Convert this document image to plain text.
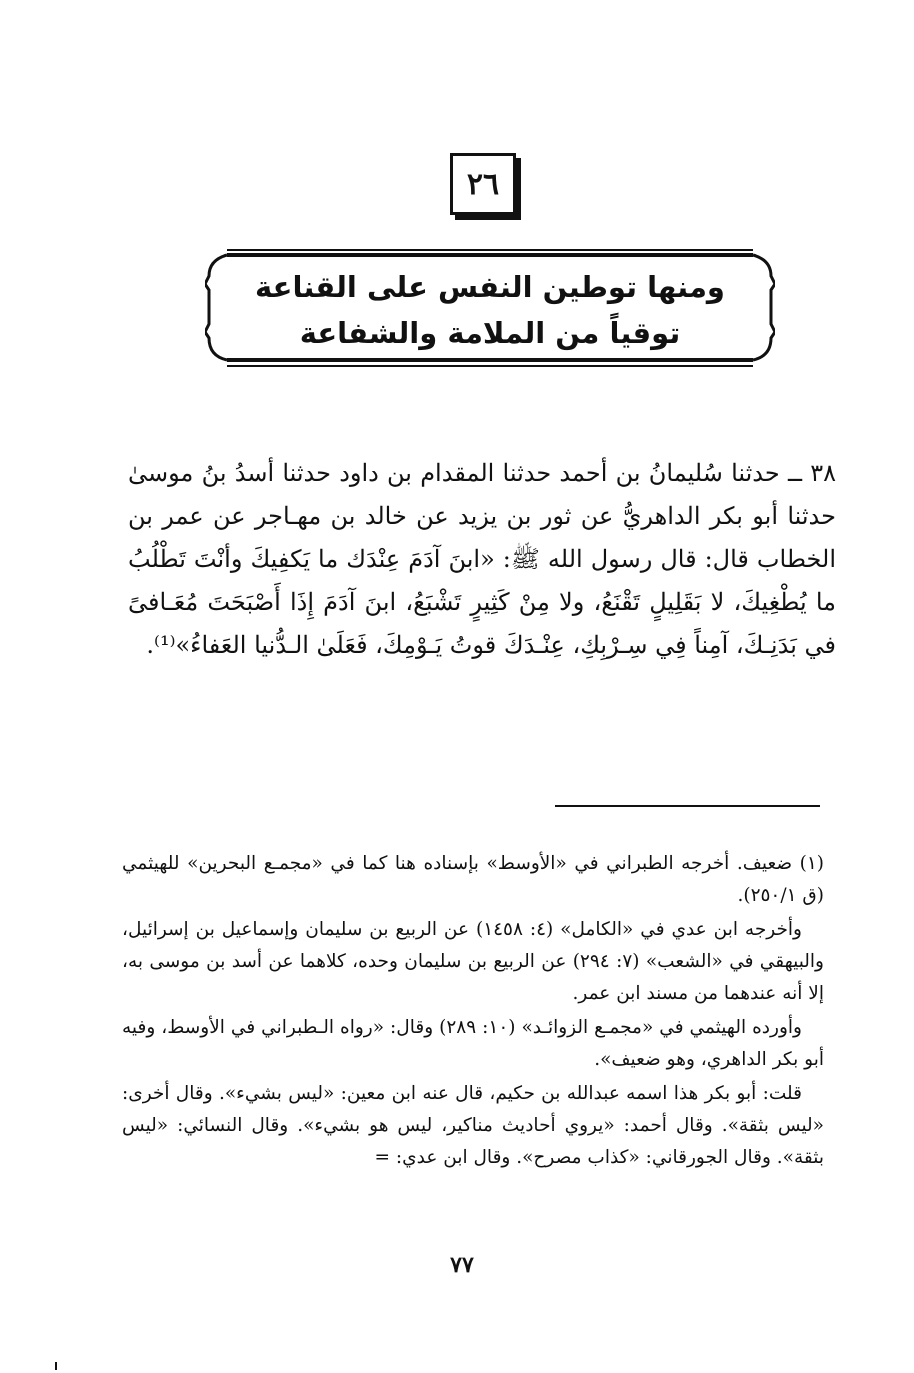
٢٦
ومنها توطين النفس على القناعة
توقياً من الملامة والشفاعة

٣٨ ــ حدثنا سُليمانُ بن أحمد حدثنا المقدام بن داود حدثنا أسدُ بنُ موسىٰ حدثنا أبو بكر الداهريُّ عن ثور بن يزيد عن خالد بن مهـاجر عن عمر بن الخطاب قال: قال رسول الله ﷺ: «ابنَ آدَمَ عِنْدَك ما يَكفِيكَ وأنْتَ تَطْلُبُ ما يُطْغِيكَ، لا بَقَلِيلٍ تَقْنَعُ، ولا مِنْ كَثِيرٍ تَشْبَعُ، ابنَ آدَمَ إِذَا أَصْبَحَتَ مُعَـافىً في بَدَنِـكَ، آمِناً فِي سِـرْبِكِ، عِنْـدَكَ قوتُ يَـوْمِكَ، فَعَلَىٰ الـدُّنيا العَفاءُ»⁽¹⁾.

(١) ضعيف. أخرجه الطبراني في «الأوسط» بإسناده هنا كما في «مجمـع البحرين» للهيثمي (ق ٢٥٠/١).

وأخرجه ابن عدي في «الكامل» (٤: ١٤٥٨) عن الربيع بن سليمان وإسماعيل بن إسرائيل، والبيهقي في «الشعب» (٧: ٢٩٤) عن الربيع بن سليمان وحده، كلاهما عن أسد بن موسى به، إلا أنه عندهما من مسند ابن عمر.

وأورده الهيثمي في «مجمـع الزوائـد» (١٠: ٢٨٩) وقال: «رواه الـطبراني في الأوسط، وفيه أبو بكر الداهري، وهو ضعيف».

قلت: أبو بكر هذا اسمه عبدالله بن حكيم، قال عنه ابن معين: «ليس بشيء». وقال أخرى: «ليس بثقة». وقال أحمد: «يروي أحاديث مناكير، ليس هو بشيء». وقال النسائي: «ليس بثقة». وقال الجورقاني: «كذاب مصرح». وقال ابن عدي: =

٧٧
